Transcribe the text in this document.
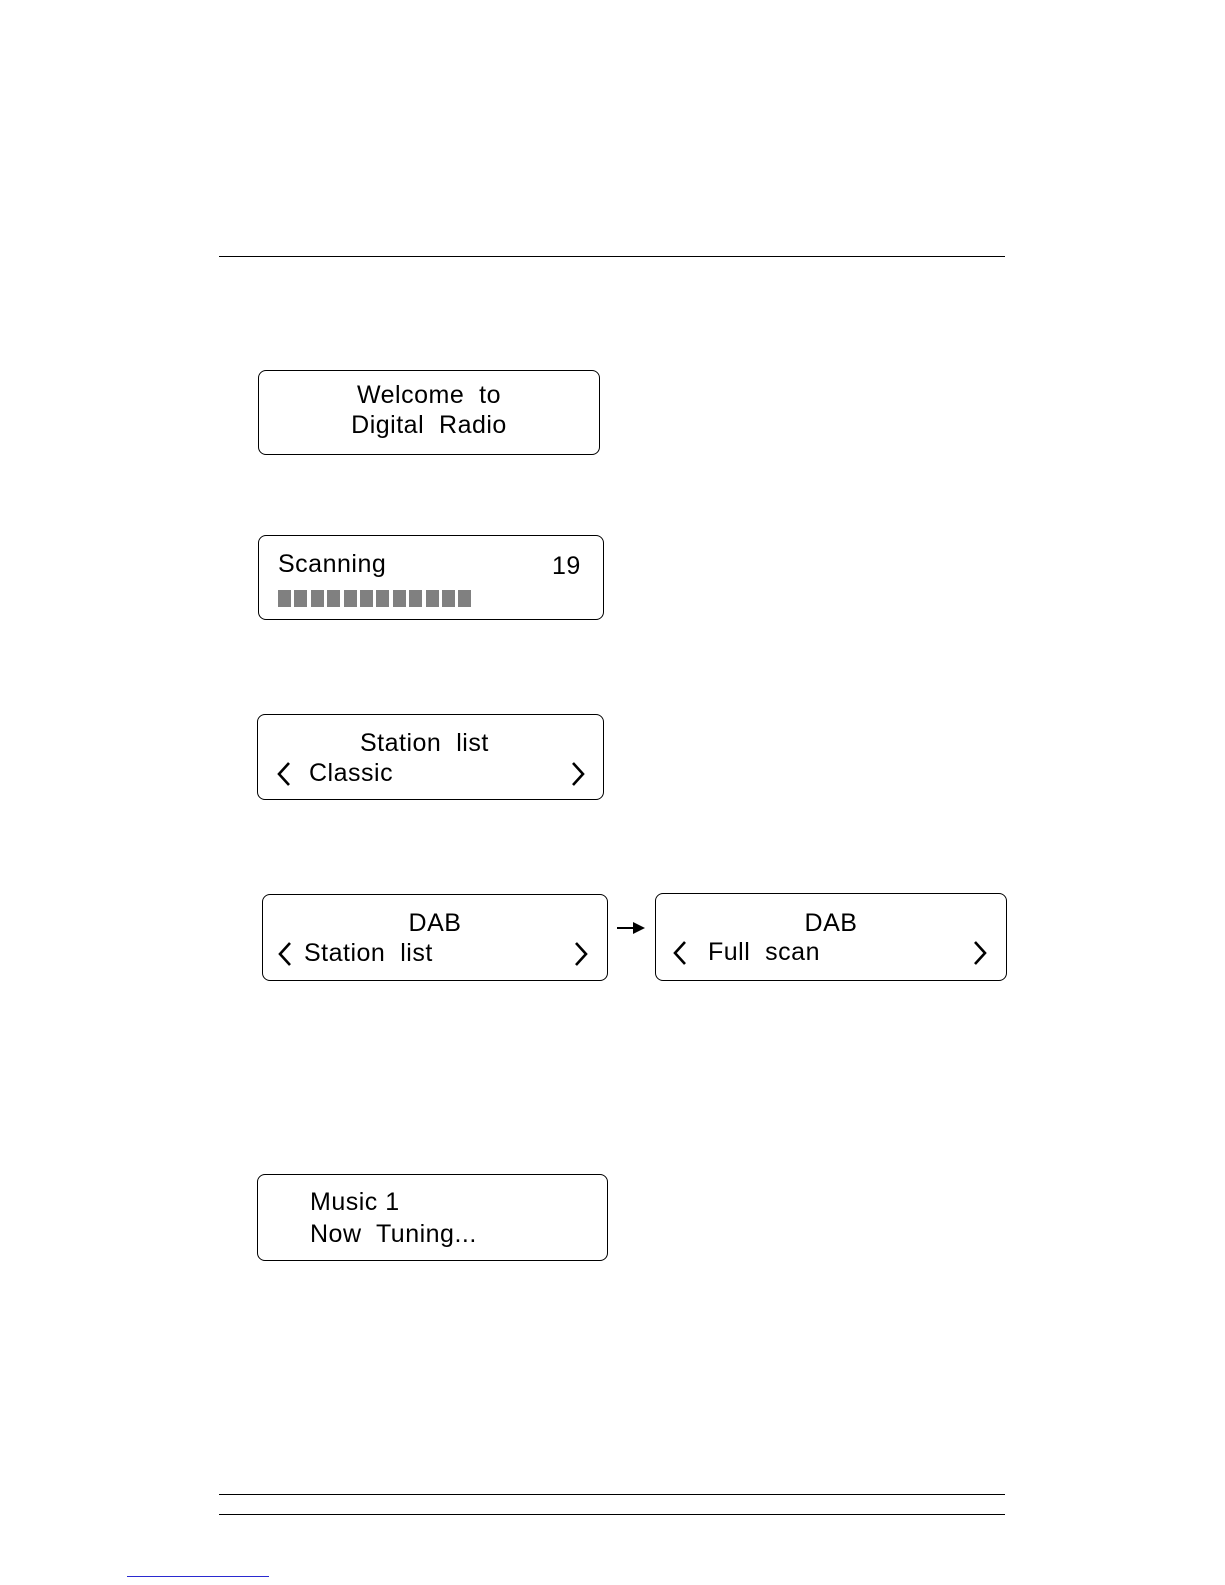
Welcome  to
Digital  Radio
Scanning	19
Station  list
Classic
DAB
Station  list
DAB
Full  scan
Music 1
Now  Tuning...
